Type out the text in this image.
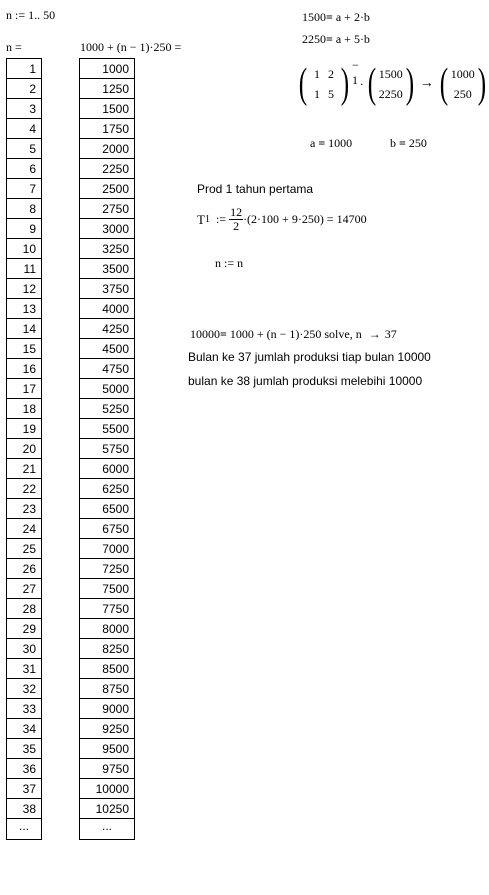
n := 1.. 50
n =	1000 + (n − 1)·250 =
1
2
3
4
5
6
7
8
9
10
11
12
13
14
15
16
17
18
19
20
21
22
23
24
25
26
27
28
29
30
31
32
33
34
35
36
37
38
...
1000
1250
1500
1750
2000
2250
2500
2750
3000
3250
3500
3750
4000
4250
4500
4750
5000
5250
5500
5750
6000
6250
6500
6750
7000
7250
7500
7750
8000
8250
8500
8750
9000
9250
9500
9750
10000
10250
...
1500= a + 2·b
2250= a + 5·b
( 1 2
1 5 ) − 1 · ( 1500
2250 ) → ( 1000
250 )
a = 1000	b = 250
Prod 1 tahun pertama
T 1 := $\frac{12}{2} \cdot(2\cdot 100 + 9\cdot 250) = 14700$
n := n
10000= 1000 + (n − 1)·250 solve, n → 37
Bulan ke 37 jumlah produksi tiap bulan 10000
bulan ke 38 jumlah produksi melebihi 10000
